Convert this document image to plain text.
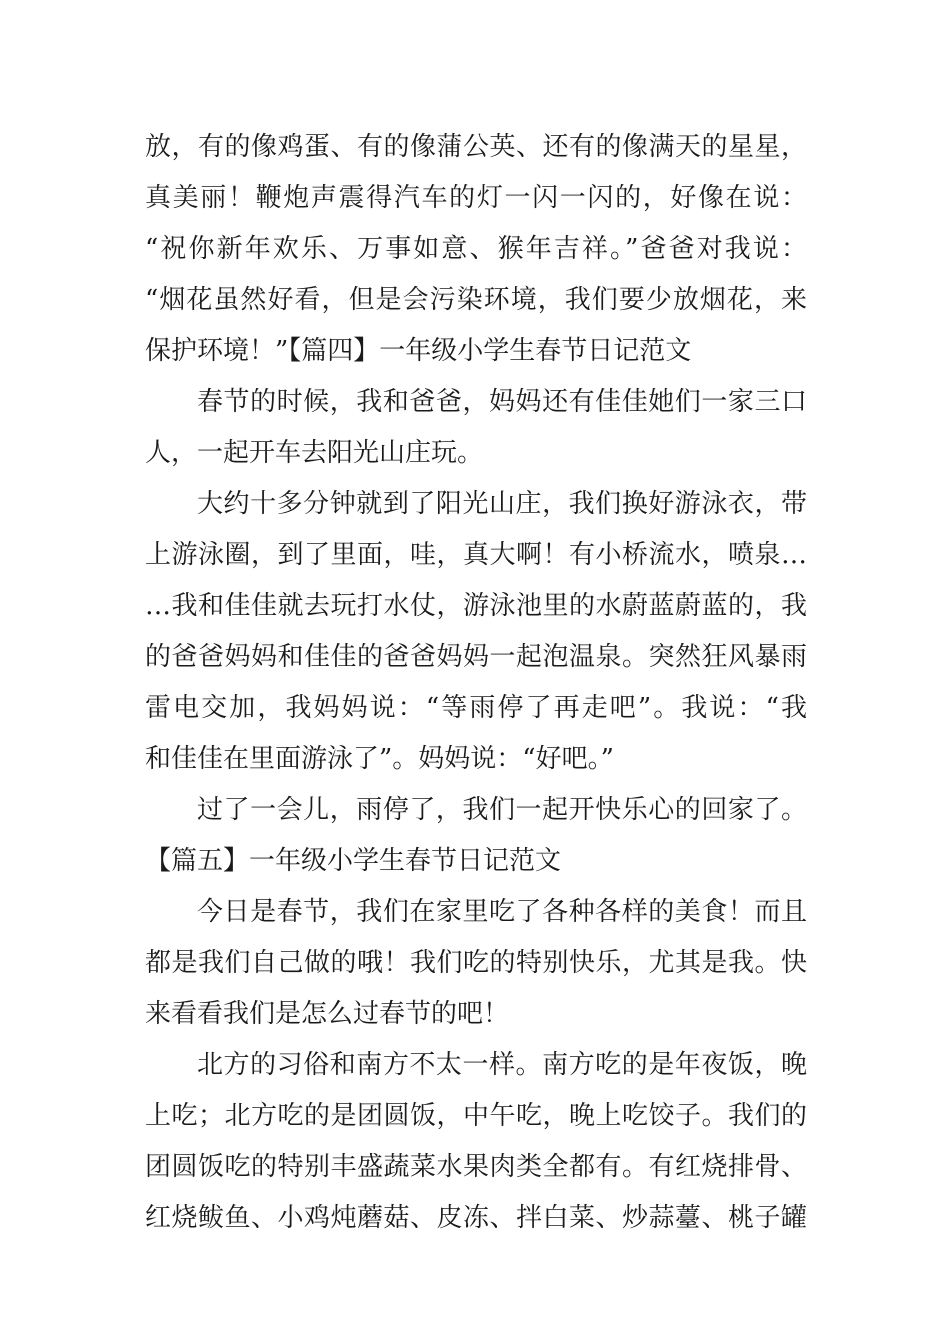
放，有的像鸡蛋、有的像蒲公英、还有的像满天的星星，
真美丽！鞭炮声震得汽车的灯一闪一闪的，好像在说：
“祝你新年欢乐、万事如意、猴年吉祥。”爸爸对我说：
“烟花虽然好看，但是会污染环境，我们要少放烟花，来
保护环境！”【篇四】一年级小学生春节日记范文
春节的时候，我和爸爸，妈妈还有佳佳她们一家三口
人，一起开车去阳光山庄玩。
大约十多分钟就到了阳光山庄，我们换好游泳衣，带
上游泳圈，到了里面，哇，真大啊！有小桥流水，喷泉…
…我和佳佳就去玩打水仗，游泳池里的水蔚蓝蔚蓝的，我
的爸爸妈妈和佳佳的爸爸妈妈一起泡温泉。突然狂风暴雨
雷电交加，我妈妈说：“等雨停了再走吧”。我说：“我
和佳佳在里面游泳了”。妈妈说：“好吧。”
过了一会儿，雨停了，我们一起开快乐心的回家了。
【篇五】一年级小学生春节日记范文
今日是春节，我们在家里吃了各种各样的美食！而且
都是我们自己做的哦！我们吃的特别快乐，尤其是我。快
来看看我们是怎么过春节的吧！
北方的习俗和南方不太一样。南方吃的是年夜饭，晚
上吃；北方吃的是团圆饭，中午吃，晚上吃饺子。我们的
团圆饭吃的特别丰盛蔬菜水果肉类全都有。有红烧排骨、
红烧鲅鱼、小鸡炖蘑菇、皮冻、拌白菜、炒蒜薹、桃子罐
